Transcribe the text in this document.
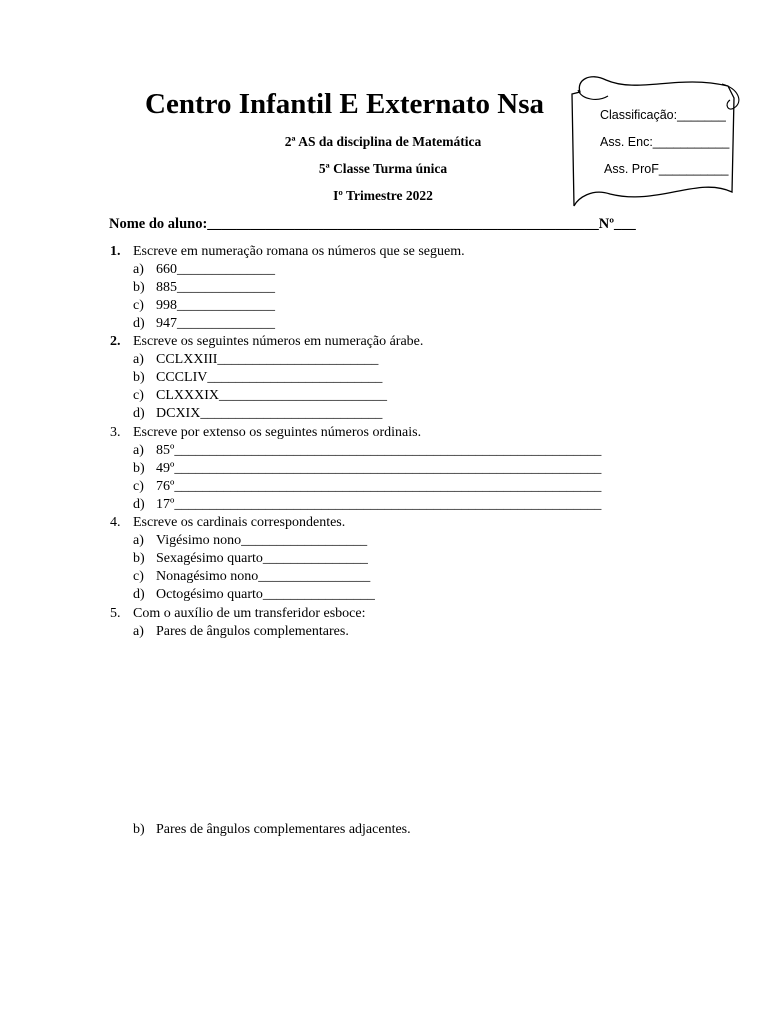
Centro Infantil E Externato Nsa	Classificação:_______
Ass. Enc:___________
Ass. ProF__________
2ª AS da disciplina de Matemática
5ª Classe Turma única
Iº Trimestre 2022
Nome do aluno:______________________________________________________Nº___
1. Escreve em numeração romana os números que se seguem.
a) 660______________
b) 885______________
c) 998______________
d) 947______________
2. Escreve os seguintes números em numeração árabe.
a) CCLXXIII_______________________
b) CCCLIV_________________________
c) CLXXXIX________________________
d) DCXIX__________________________
3. Escreve por extenso os seguintes números ordinais.
a) 85º_____________________________________________________________
b) 49º_____________________________________________________________
c) 76º_____________________________________________________________
d) 17º_____________________________________________________________
4. Escreve os cardinais correspondentes.
a) Vigésimo nono__________________
b) Sexagésimo quarto_______________
c) Nonagésimo nono________________
d) Octogésimo quarto________________
5. Com o auxílio de um transferidor esboce:
a) Pares de ângulos complementares.
b) Pares de ângulos complementares adjacentes.
